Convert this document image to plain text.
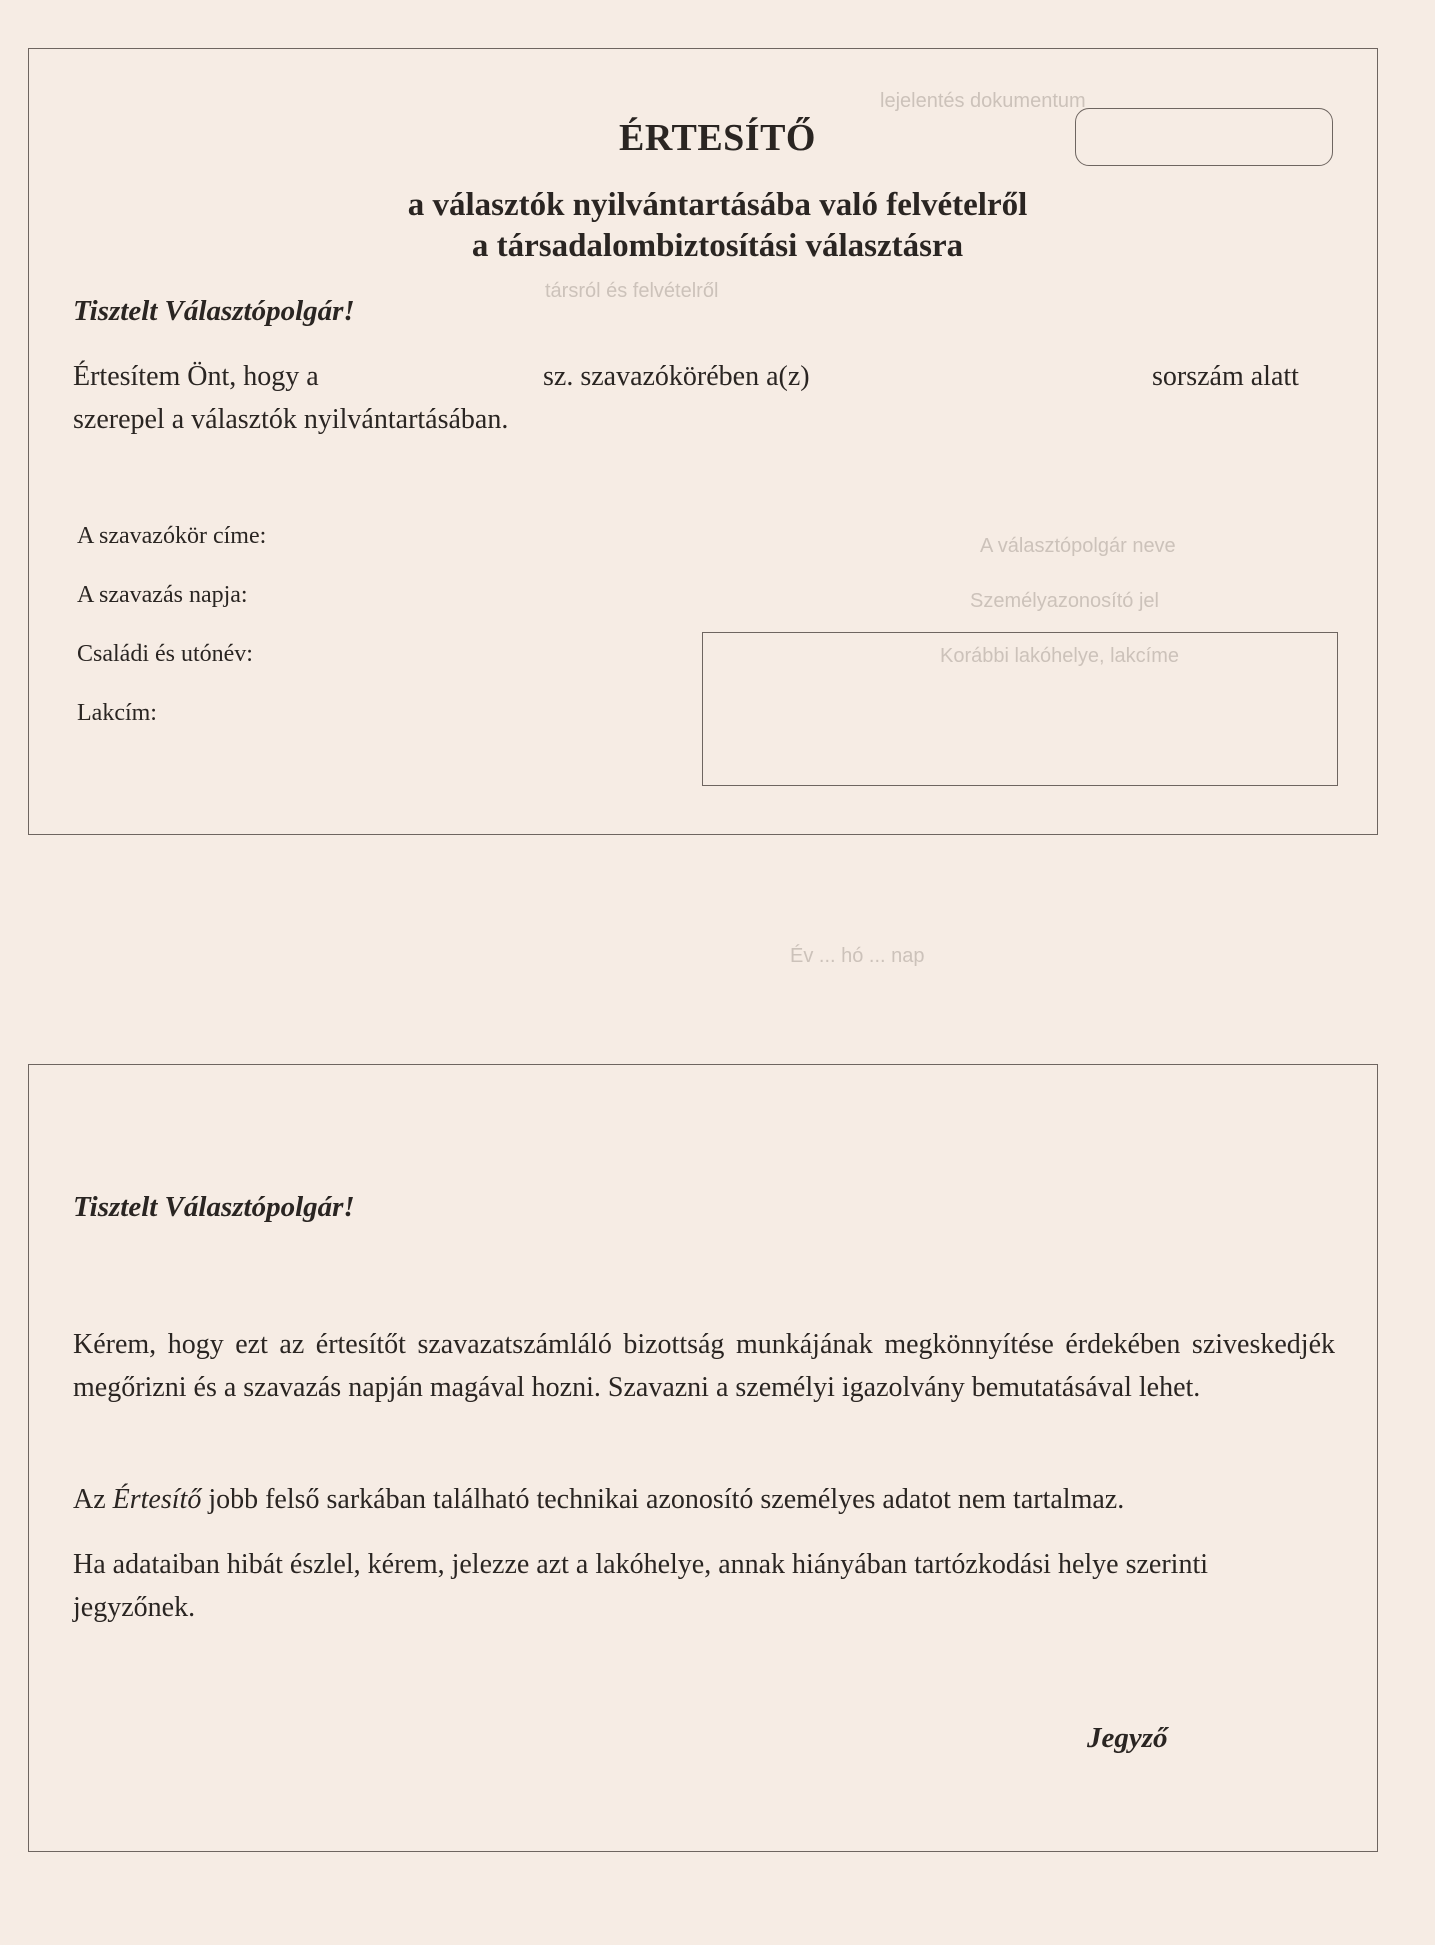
lejelentés dokumentum
társról és felvételről
A választópolgár neve
Személyazonosító jel
Korábbi lakóhelye, lakcíme
Év ... hó ... nap
ÉRTESÍTŐ
a választók nyilvántartásába való felvételről
a társadalombiztosítási választásra
Tisztelt Választópolgár!
Értesítem Önt, hogy a	sz. szavazókörében a(z)	sorszám alatt
szerepel a választók nyilvántartásában.
A szavazókör címe:
A szavazás napja:
Családi és utónév:
Lakcím:
Tisztelt Választópolgár!

Kérem, hogy ezt az értesítőt szavazatszámláló bizottság munkájának megkönnyítése érdekében sziveskedjék megőrizni és a szavazás napján magával hozni. Szavazni a személyi igazolvány bemutatásával lehet.

Az Értesítő jobb felső sarkában található technikai azonosító személyes adatot nem tartalmaz.

Ha adataiban hibát észlel, kérem, jelezze azt a lakóhelye, annak hiányában tartózkodási helye szerinti jegyzőnek.

Jegyző
